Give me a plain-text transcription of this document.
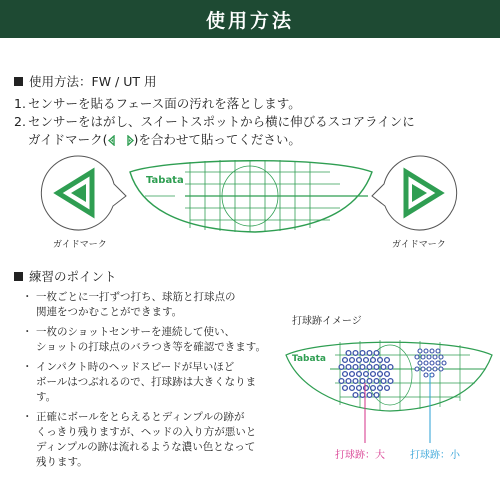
使用方法
使用方法：FW / UT 用
1. センサーを貼るフェース面の汚れを落とします。
2. センサーをはがし、スイートスポットから横に伸びるスコアラインに
ガイドマーク( )を合わせて貼ってください。
Tabata
ガイドマーク	ガイドマーク
練習のポイント
・ 一枚ごとに一打ずつ打ち、球筋と打球点の
関連をつかむことができます。
・ 一枚のショットセンサーを連続して使い、
ショットの打球点のバラつき等を確認できます。
・ インパクト時のヘッドスピードが早いほど
ボールはつぶれるので、打球跡は大きくなります。
・ 正確にボールをとらえるとディンプルの跡が
くっきり残りますが、ヘッドの入り方が悪いと
ディンプルの跡は流れるような濃い色となって
残ります。
打球跡イメージ
Tabata
打球跡：大	打球跡：小
